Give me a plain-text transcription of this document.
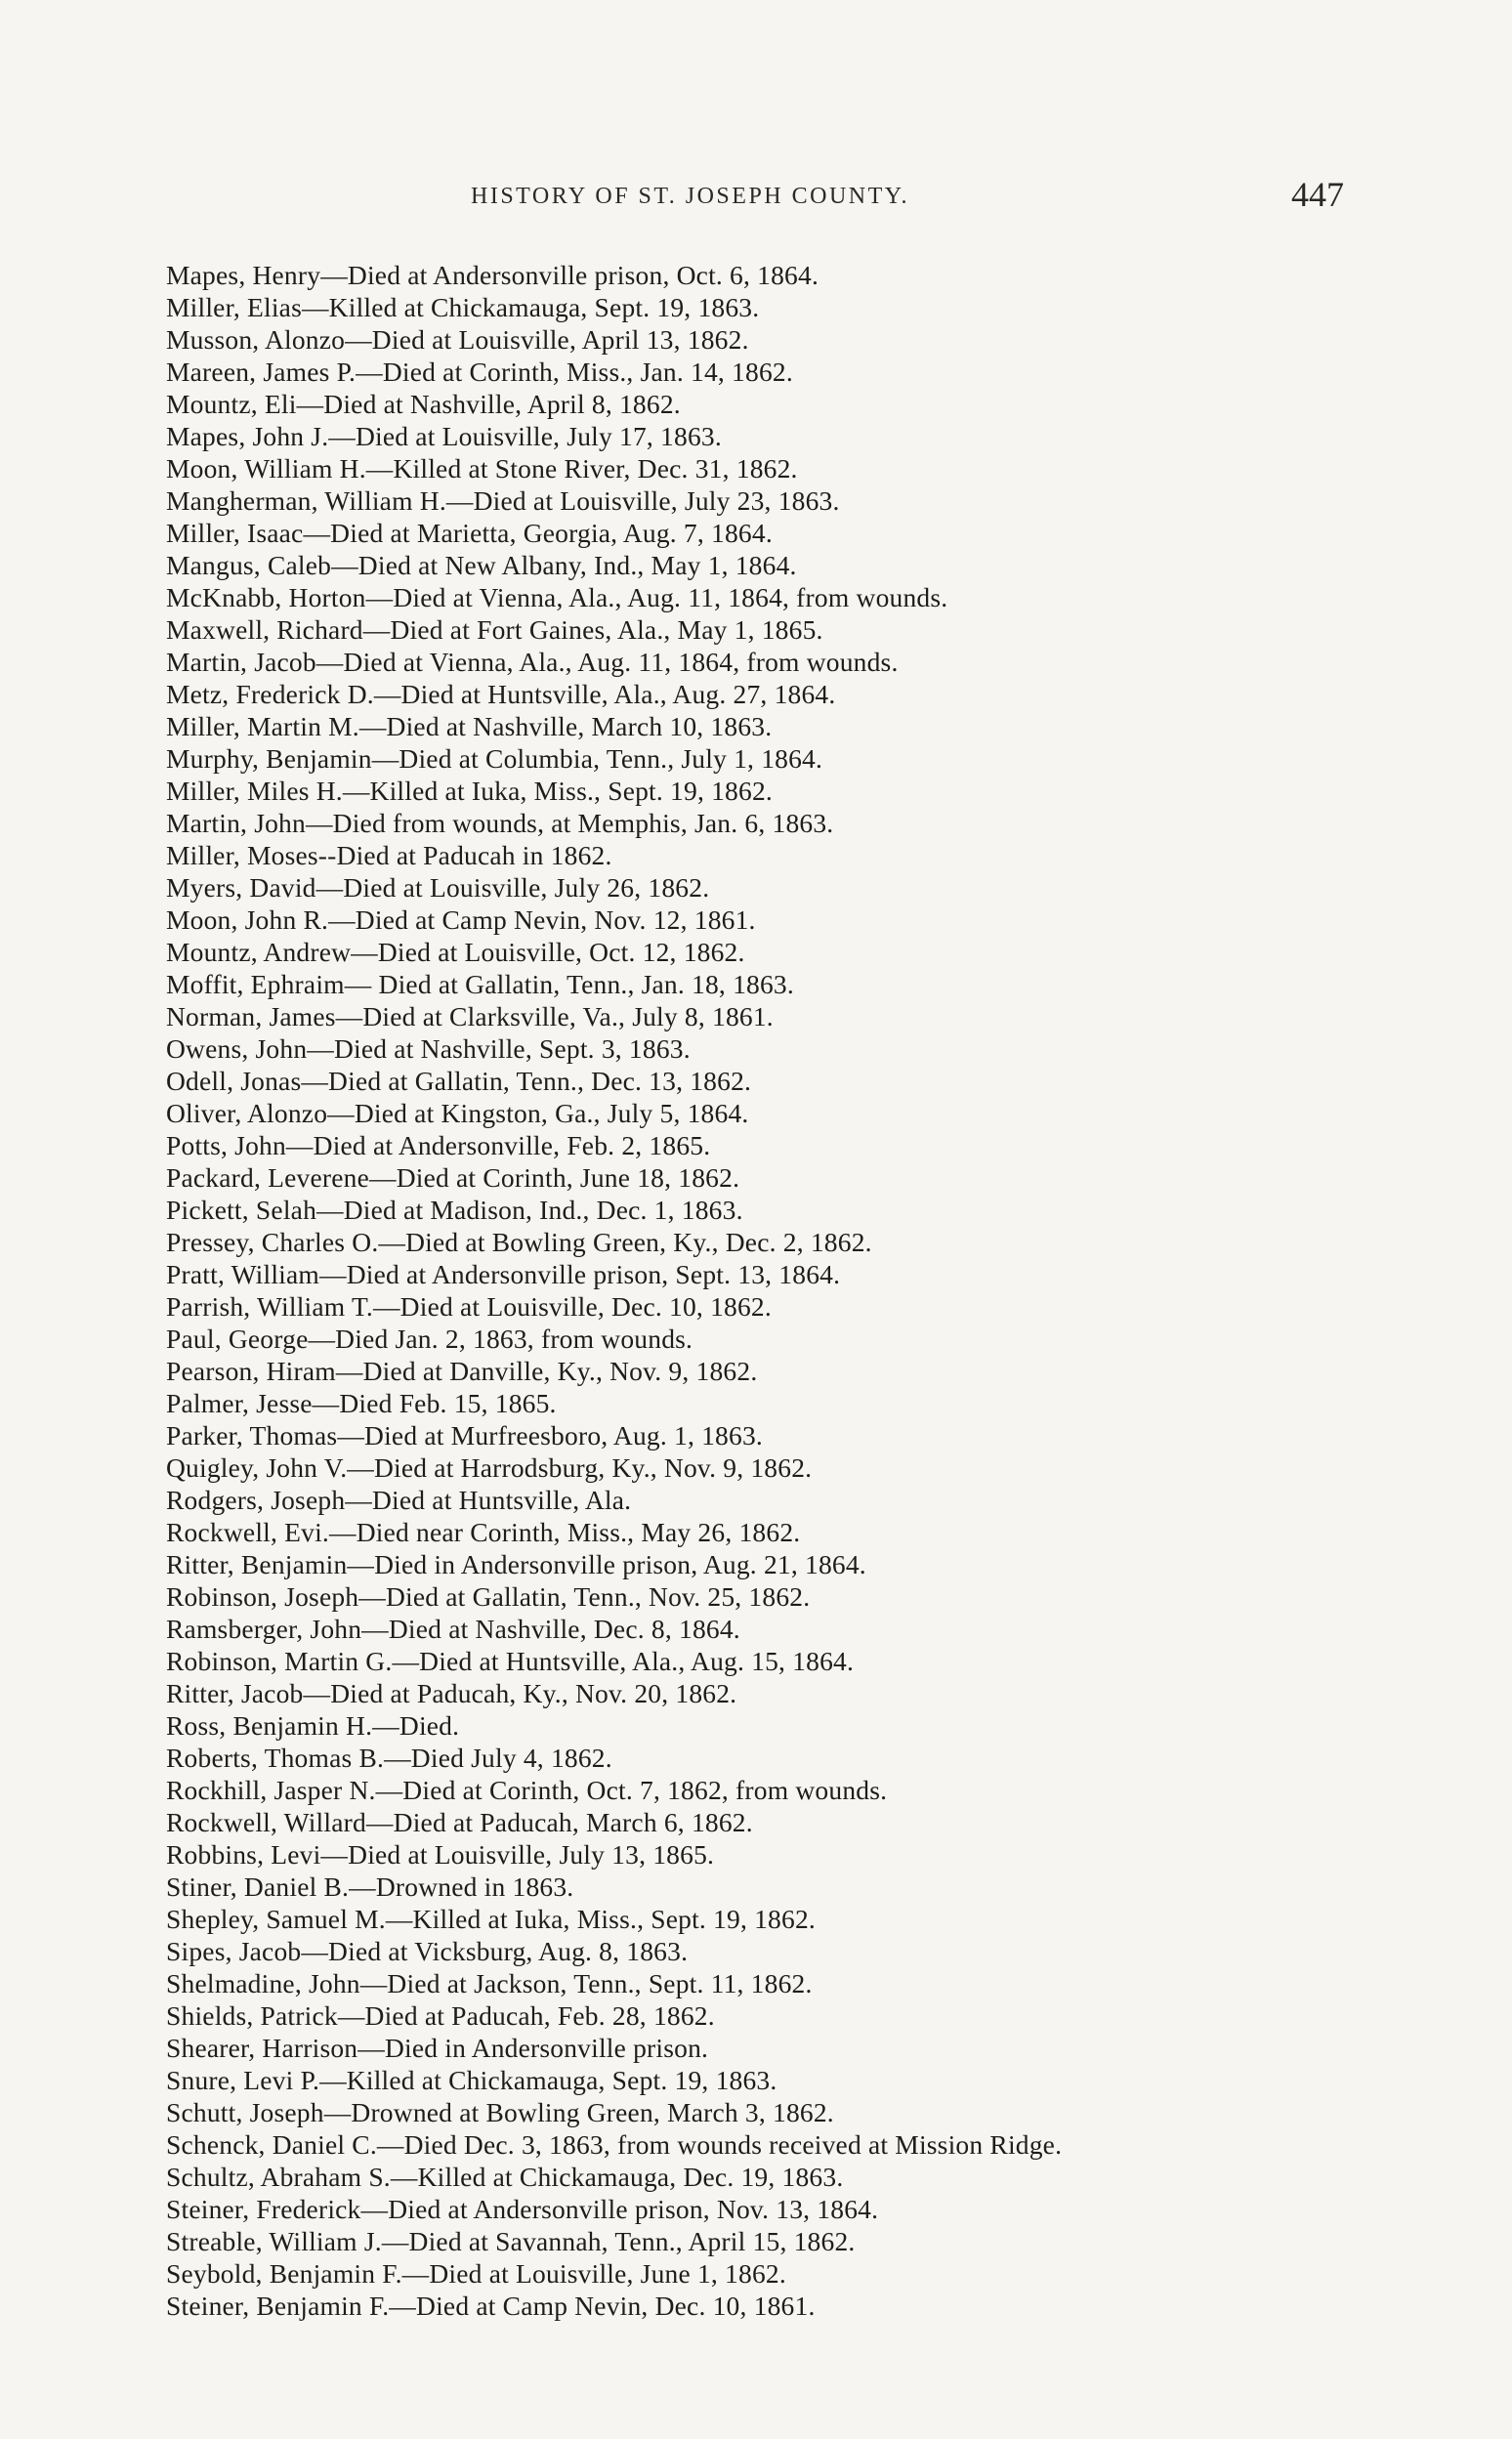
HISTORY OF ST. JOSEPH COUNTY.	447
Mapes, Henry—Died at Andersonville prison, Oct. 6, 1864.
Miller, Elias—Killed at Chickamauga, Sept. 19, 1863.
Musson, Alonzo—Died at Louisville, April 13, 1862.
Mareen, James P.—Died at Corinth, Miss., Jan. 14, 1862.
Mountz, Eli—Died at Nashville, April 8, 1862.
Mapes, John J.—Died at Louisville, July 17, 1863.
Moon, William H.—Killed at Stone River, Dec. 31, 1862.
Mangherman, William H.—Died at Louisville, July 23, 1863.
Miller, Isaac—Died at Marietta, Georgia, Aug. 7, 1864.
Mangus, Caleb—Died at New Albany, Ind., May 1, 1864.
McKnabb, Horton—Died at Vienna, Ala., Aug. 11, 1864, from wounds.
Maxwell, Richard—Died at Fort Gaines, Ala., May 1, 1865.
Martin, Jacob—Died at Vienna, Ala., Aug. 11, 1864, from wounds.
Metz, Frederick D.—Died at Huntsville, Ala., Aug. 27, 1864.
Miller, Martin M.—Died at Nashville, March 10, 1863.
Murphy, Benjamin—Died at Columbia, Tenn., July 1, 1864.
Miller, Miles H.—Killed at Iuka, Miss., Sept. 19, 1862.
Martin, John—Died from wounds, at Memphis, Jan. 6, 1863.
Miller, Moses--Died at Paducah in 1862.
Myers, David—Died at Louisville, July 26, 1862.
Moon, John R.—Died at Camp Nevin, Nov. 12, 1861.
Mountz, Andrew—Died at Louisville, Oct. 12, 1862.
Moffit, Ephraim— Died at Gallatin, Tenn., Jan. 18, 1863.
Norman, James—Died at Clarksville, Va., July 8, 1861.
Owens, John—Died at Nashville, Sept. 3, 1863.
Odell, Jonas—Died at Gallatin, Tenn., Dec. 13, 1862.
Oliver, Alonzo—Died at Kingston, Ga., July 5, 1864.
Potts, John—Died at Andersonville, Feb. 2, 1865.
Packard, Leverene—Died at Corinth, June 18, 1862.
Pickett, Selah—Died at Madison, Ind., Dec. 1, 1863.
Pressey, Charles O.—Died at Bowling Green, Ky., Dec. 2, 1862.
Pratt, William—Died at Andersonville prison, Sept. 13, 1864.
Parrish, William T.—Died at Louisville, Dec. 10, 1862.
Paul, George—Died Jan. 2, 1863, from wounds.
Pearson, Hiram—Died at Danville, Ky., Nov. 9, 1862.
Palmer, Jesse—Died Feb. 15, 1865.
Parker, Thomas—Died at Murfreesboro, Aug. 1, 1863.
Quigley, John V.—Died at Harrodsburg, Ky., Nov. 9, 1862.
Rodgers, Joseph—Died at Huntsville, Ala.
Rockwell, Evi.—Died near Corinth, Miss., May 26, 1862.
Ritter, Benjamin—Died in Andersonville prison, Aug. 21, 1864.
Robinson, Joseph—Died at Gallatin, Tenn., Nov. 25, 1862.
Ramsberger, John—Died at Nashville, Dec. 8, 1864.
Robinson, Martin G.—Died at Huntsville, Ala., Aug. 15, 1864.
Ritter, Jacob—Died at Paducah, Ky., Nov. 20, 1862.
Ross, Benjamin H.—Died.
Roberts, Thomas B.—Died July 4, 1862.
Rockhill, Jasper N.—Died at Corinth, Oct. 7, 1862, from wounds.
Rockwell, Willard—Died at Paducah, March 6, 1862.
Robbins, Levi—Died at Louisville, July 13, 1865.
Stiner, Daniel B.—Drowned in 1863.
Shepley, Samuel M.—Killed at Iuka, Miss., Sept. 19, 1862.
Sipes, Jacob—Died at Vicksburg, Aug. 8, 1863.
Shelmadine, John—Died at Jackson, Tenn., Sept. 11, 1862.
Shields, Patrick—Died at Paducah, Feb. 28, 1862.
Shearer, Harrison—Died in Andersonville prison.
Snure, Levi P.—Killed at Chickamauga, Sept. 19, 1863.
Schutt, Joseph—Drowned at Bowling Green, March 3, 1862.
Schenck, Daniel C.—Died Dec. 3, 1863, from wounds received at Mission Ridge.
Schultz, Abraham S.—Killed at Chickamauga, Dec. 19, 1863.
Steiner, Frederick—Died at Andersonville prison, Nov. 13, 1864.
Streable, William J.—Died at Savannah, Tenn., April 15, 1862.
Seybold, Benjamin F.—Died at Louisville, June 1, 1862.
Steiner, Benjamin F.—Died at Camp Nevin, Dec. 10, 1861.
